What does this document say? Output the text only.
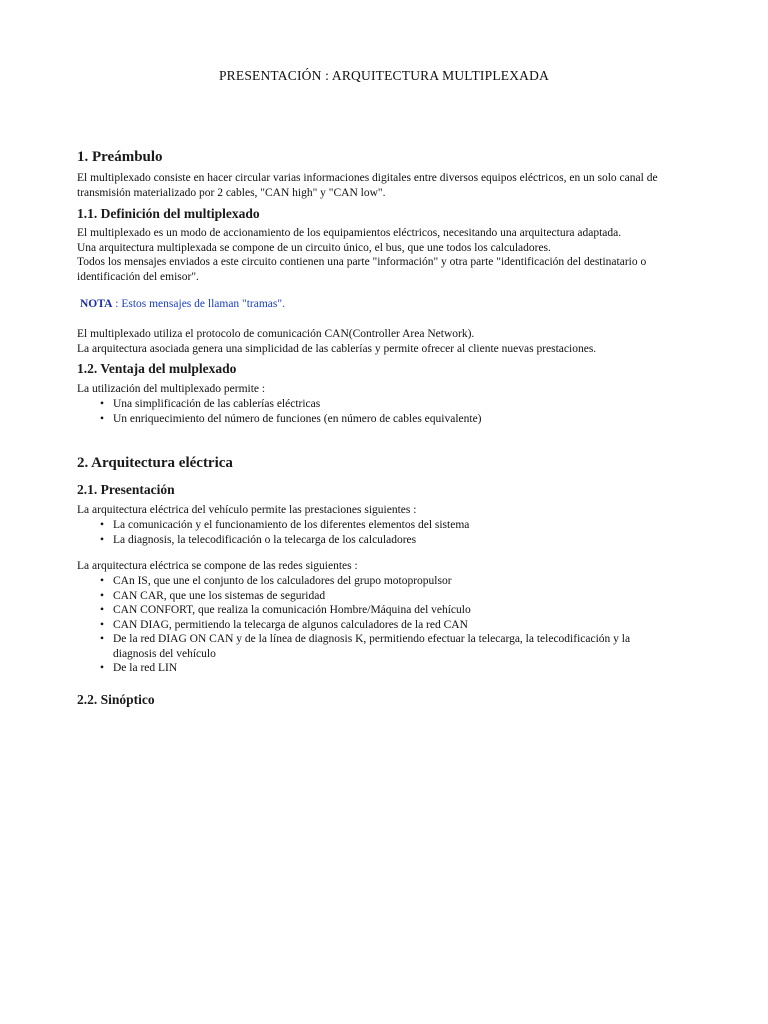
PRESENTACIÓN : ARQUITECTURA MULTIPLEXADA
1. Preámbulo
El multiplexado consiste en hacer circular varias informaciones digitales entre diversos equipos eléctricos, en un solo canal de
transmisión materializado por 2 cables, "CAN high" y "CAN low".
1.1. Definición del multiplexado
El multiplexado es un modo de accionamiento de los equipamientos eléctricos, necesitando una arquitectura adaptada.
Una arquitectura multiplexada se compone de un circuito único, el bus, que une todos los calculadores.
Todos los mensajes enviados a este circuito contienen una parte "información" y otra parte "identificación del destinatario o
identificación del emisor".
NOTA : Estos mensajes de llaman "tramas".
El multiplexado utiliza el protocolo de comunicación CAN(Controller Area Network).
La arquitectura asociada genera una simplicidad de las cablerías y permite ofrecer al cliente nuevas prestaciones.
1.2. Ventaja del mulplexado
La utilización del multiplexado permite :
• Una simplificación de las cablerías eléctricas
• Un enriquecimiento del número de funciones (en número de cables equivalente)
2. Arquitectura eléctrica
2.1. Presentación
La arquitectura eléctrica del vehículo permite las prestaciones siguientes :
• La comunicación y el funcionamiento de los diferentes elementos del sistema
• La diagnosis, la telecodificación o la telecarga de los calculadores
La arquitectura eléctrica se compone de las redes siguientes :
• CAn IS, que une el conjunto de los calculadores del grupo motopropulsor
• CAN CAR, que une los sistemas de seguridad
• CAN CONFORT, que realiza la comunicación Hombre/Máquina del vehículo
• CAN DIAG, permitiendo la telecarga de algunos calculadores de la red CAN
• De la red DIAG ON CAN y de la línea de diagnosis K, permitiendo efectuar la telecarga, la telecodificación y la
diagnosis del vehículo
• De la red LIN
2.2. Sinóptico
